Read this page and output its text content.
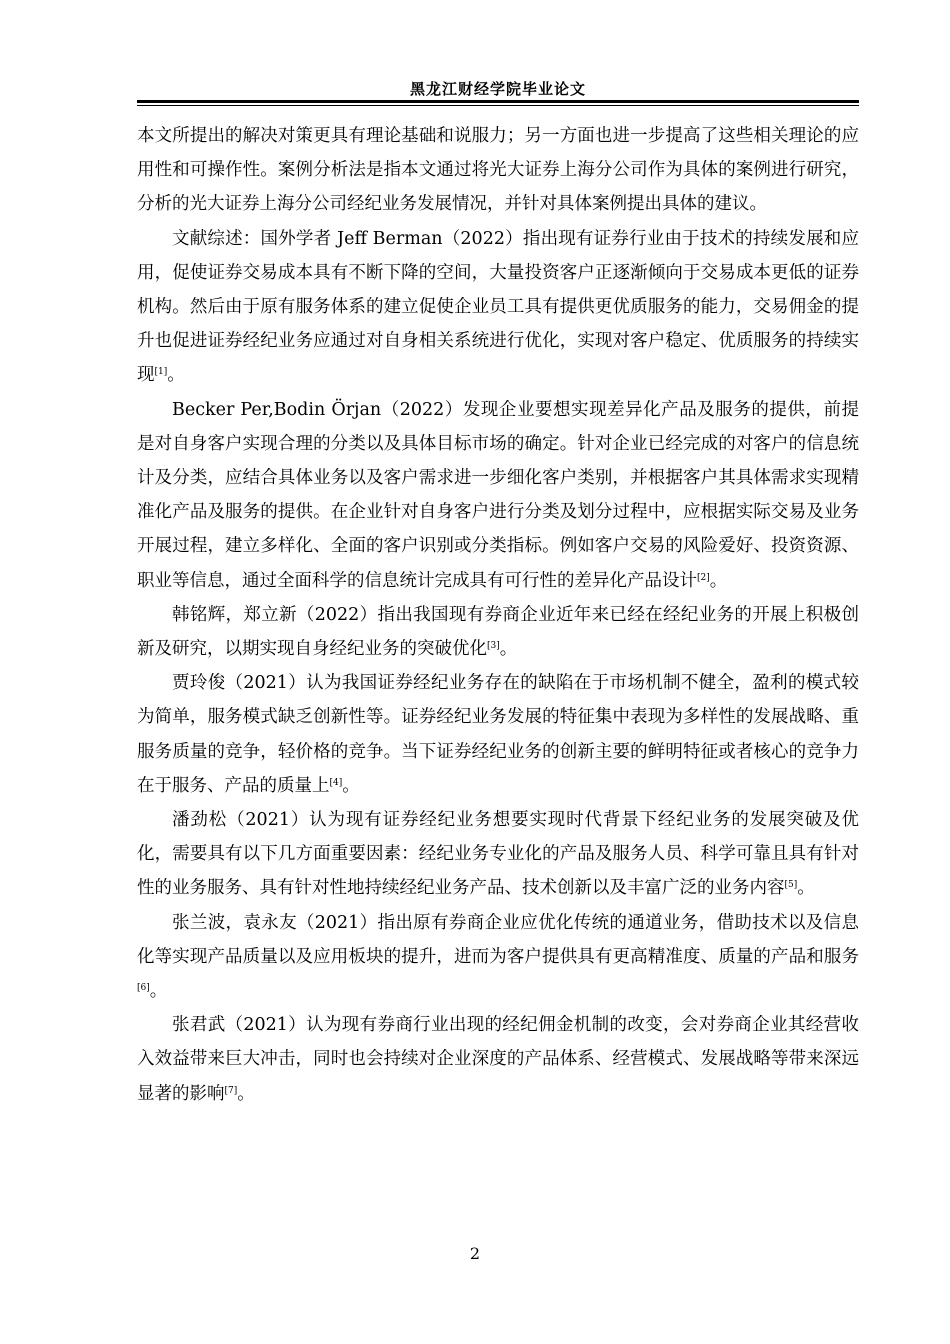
黑龙江财经学院毕业论文

本文所提出的解决对策更具有理论基础和说服力；另一方面也进一步提高了这些相关理论的应用性和可操作性。案例分析法是指本文通过将光大证券上海分公司作为具体的案例进行研究，分析的光大证券上海分公司经纪业务发展情况，并针对具体案例提出具体的建议。

文献综述：国外学者 Jeff Berman（2022）指出现有证券行业由于技术的持续发展和应用，促使证券交易成本具有不断下降的空间，大量投资客户正逐渐倾向于交易成本更低的证券机构。然后由于原有服务体系的建立促使企业员工具有提供更优质服务的能力，交易佣金的提升也促进证券经纪业务应通过对自身相关系统进行优化，实现对客户稳定、优质服务的持续实现[1]。

Becker Per,Bodin Örjan（2022）发现企业要想实现差异化产品及服务的提供，前提是对自身客户实现合理的分类以及具体目标市场的确定。针对企业已经完成的对客户的信息统计及分类，应结合具体业务以及客户需求进一步细化客户类别，并根据客户其具体需求实现精准化产品及服务的提供。在企业针对自身客户进行分类及划分过程中，应根据实际交易及业务开展过程，建立多样化、全面的客户识别或分类指标。例如客户交易的风险爱好、投资资源、职业等信息，通过全面科学的信息统计完成具有可行性的差异化产品设计[2]。

韩铭辉，郑立新（2022）指出我国现有券商企业近年来已经在经纪业务的开展上积极创新及研究，以期实现自身经纪业务的突破优化[3]。

贾玲俊（2021）认为我国证券经纪业务存在的缺陷在于市场机制不健全，盈利的模式较为简单，服务模式缺乏创新性等。证券经纪业务发展的特征集中表现为多样性的发展战略、重服务质量的竞争，轻价格的竞争。当下证券经纪业务的创新主要的鲜明特征或者核心的竞争力在于服务、产品的质量上[4]。

潘劲松（2021）认为现有证券经纪业务想要实现时代背景下经纪业务的发展突破及优化，需要具有以下几方面重要因素：经纪业务专业化的产品及服务人员、科学可靠且具有针对性的业务服务、具有针对性地持续经纪业务产品、技术创新以及丰富广泛的业务内容[5]。

张兰波，袁永友（2021）指出原有券商企业应优化传统的通道业务，借助技术以及信息化等实现产品质量以及应用板块的提升，进而为客户提供具有更高精准度、质量的产品和服务[6]。

张君武（2021）认为现有券商行业出现的经纪佣金机制的改变，会对券商企业其经营收入效益带来巨大冲击，同时也会持续对企业深度的产品体系、经营模式、发展战略等带来深远显著的影响[7]。

2
